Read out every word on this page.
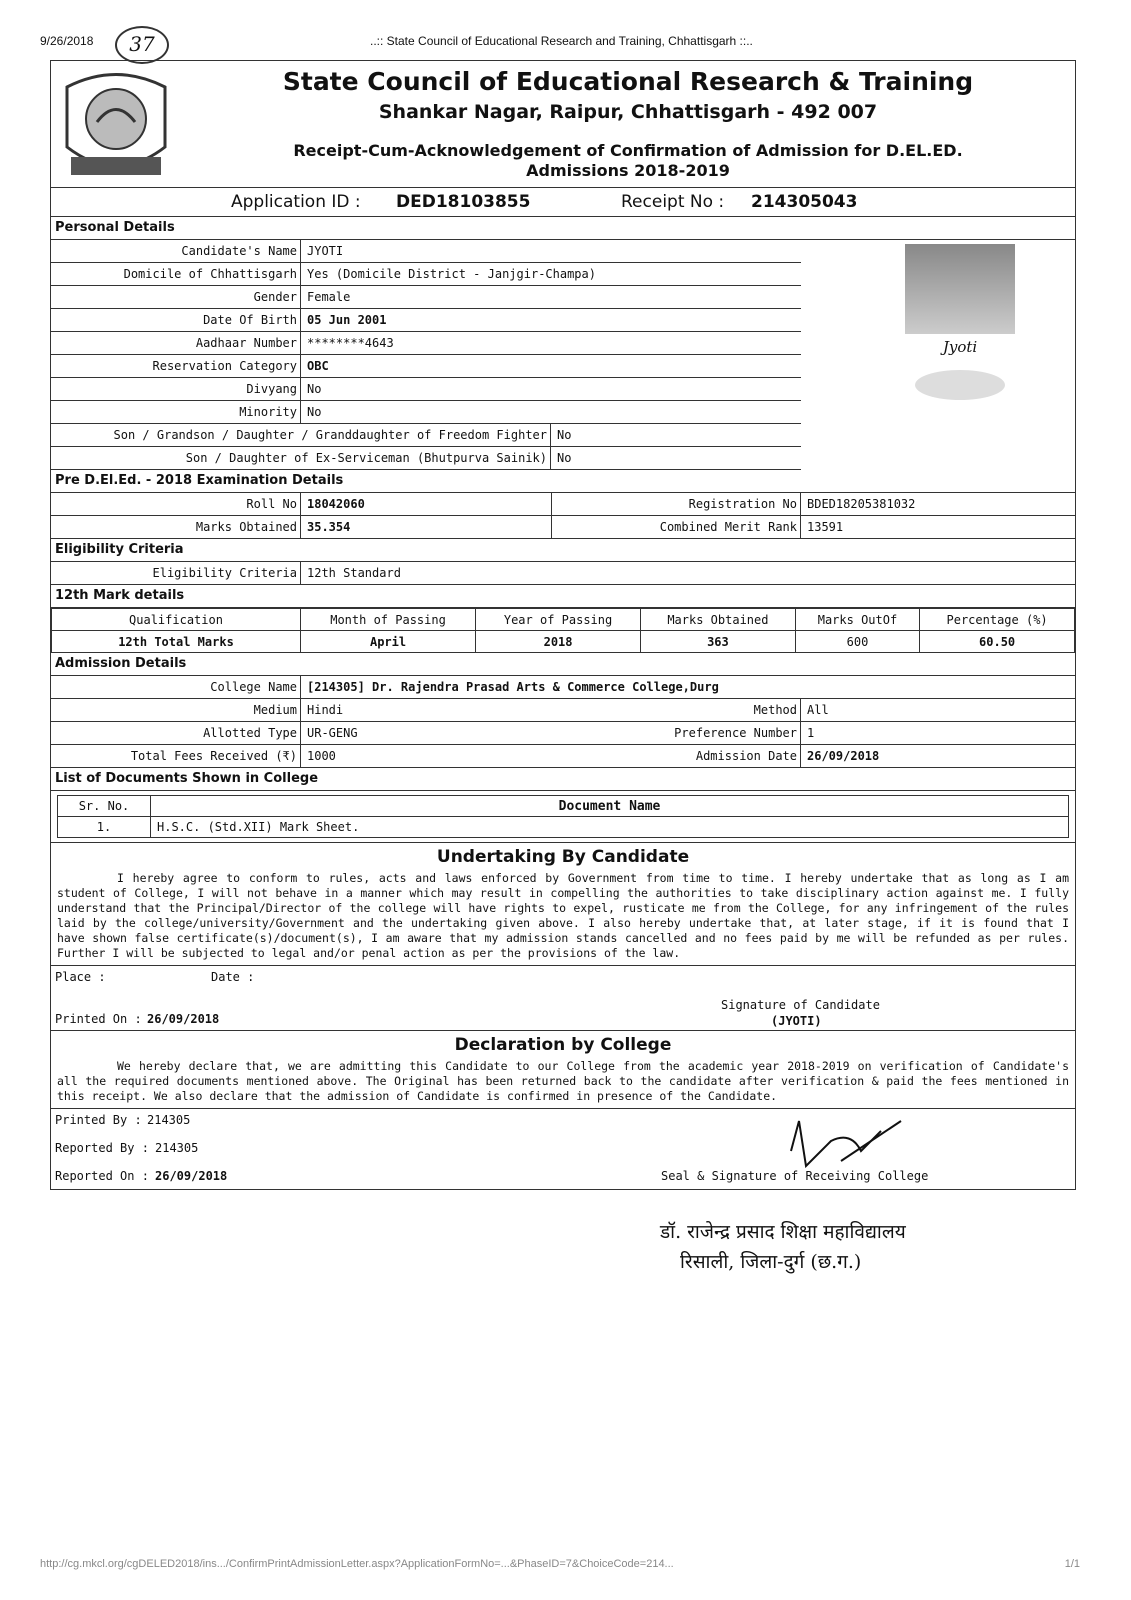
9/26/2018	37	..:: State Council of Educational Research and Training, Chhattisgarh ::..
State Council of Educational Research & Training
Shankar Nagar, Raipur, Chhattisgarh - 492 007
Receipt-Cum-Acknowledgement of Confirmation of Admission for D.EL.ED.
Admissions 2018-2019
Application ID : DED18103855	Receipt No : 214305043
Personal Details
Candidate's Name JYOTI
Domicile of Chhattisgarh Yes (Domicile District - Janjgir-Champa)
Gender Female
Date Of Birth 05 Jun 2001
Aadhaar Number ********4643
Reservation Category OBC
Divyang No
Minority No
Son / Grandson / Daughter / Granddaughter of Freedom Fighter No
Son / Daughter of Ex-Serviceman (Bhutpurva Sainik) No
Jyoti
Pre D.El.Ed. - 2018 Examination Details
Roll No 18042060	Registration No BDED18205381032
Marks Obtained 35.354	Combined Merit Rank 13591
Eligibility Criteria
Eligibility Criteria 12th Standard
12th Mark details
Qualification	Month of Passing	Year of Passing	Marks Obtained	Marks OutOf	Percentage (%)
12th Total Marks	April	2018	363	600	60.50
Admission Details
College Name [214305] Dr. Rajendra Prasad Arts & Commerce College,Durg
Medium Hindi	Method All
Allotted Type UR-GENG	Preference Number 1
Total Fees Received (₹) 1000	Admission Date 26/09/2018
List of Documents Shown in College
Sr. No.	Document Name
1.	H.S.C. (Std.XII) Mark Sheet.
Undertaking By Candidate
I hereby agree to conform to rules, acts and laws enforced by Government from time to time. I hereby undertake that as long as I am student of College, I will not behave in a manner which may result in compelling the authorities to take disciplinary action against me. I fully understand that the Principal/Director of the college will have rights to expel, rusticate me from the College, for any infringement of the rules laid by the college/university/Government and the undertaking given above. I also hereby undertake that, at later stage, if it is found that I have shown false certificate(s)/document(s), I am aware that my admission stands cancelled and no fees paid by me will be refunded as per rules. Further I will be subjected to legal and/or penal action as per the provisions of the law.
Place :	Date :
Printed On : 26/09/2018
Signature of Candidate
(JYOTI)
Declaration by College
We hereby declare that, we are admitting this Candidate to our College from the academic year 2018-2019 on verification of Candidate's all the required documents mentioned above. The Original has been returned back to the candidate after verification & paid the fees mentioned in this receipt. We also declare that the admission of Candidate is confirmed in presence of the Candidate.
Printed By : 214305
Reported By : 214305
Reported On : 26/09/2018	Seal & Signature of Receiving College
डॉ. राजेन्द्र प्रसाद शिक्षा महाविद्यालय
रिसाली, जिला-दुर्ग (छ.ग.)
http://cg.mkcl.org/cgDELED2018/ins.../ConfirmPrintAdmissionLetter.aspx?ApplicationFormNo=...&PhaseID=7&ChoiceCode=214...	1/1
